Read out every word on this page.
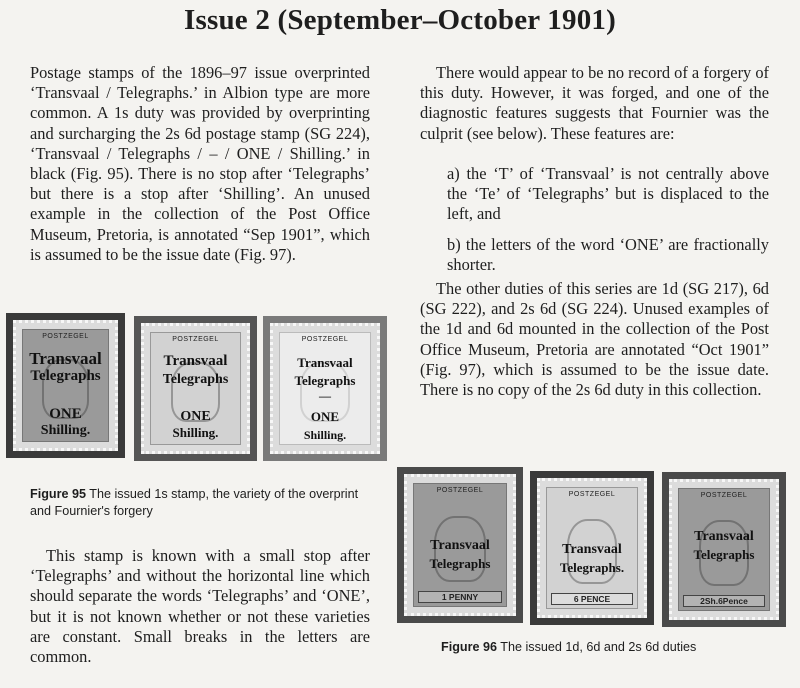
Issue 2 (September–October 1901)

Postage stamps of the 1896–97 issue overprinted ‘Transvaal / Telegraphs.’ in Albion type are more common. A 1s duty was provided by overprinting and surcharging the 2s 6d postage stamp (SG 224), ‘Transvaal / Telegraphs / – / ONE / Shilling.’ in black (Fig. 95). There is no stop after ‘Telegraphs’ but there is a stop after ‘Shilling’. An unused example in the collection of the Post Office Museum, Pretoria, is annotated “Sep 1901”, which is assumed to be the issue date (Fig. 97).

POSTZEGEL
Transvaal
Telegraphs
ONE
Shilling.
POSTZEGEL
Transvaal
Telegraphs
ONE
Shilling.
POSTZEGEL
Transvaal
Telegraphs
—
ONE
Shilling.
Figure 95 The issued 1s stamp, the variety of the overprint and Fournier's forgery

This stamp is known with a small stop after ‘Telegraphs’ and without the horizontal line which should separate the words ‘Telegraphs’ and ‘ONE’, but it is not known whether or not these varieties are constant. Small breaks in the letters are common.

There would appear to be no record of a forgery of this duty. However, it was forged, and one of the diagnostic features suggests that Fournier was the culprit (see below). These features are:

a) the ‘T’ of ‘Transvaal’ is not centrally above the ‘Te’ of ‘Telegraphs’ but is displaced to the left, and

b) the letters of the word ‘ONE’ are fractionally shorter.

The other duties of this series are 1d (SG 217), 6d (SG 222), and 2s 6d (SG 224). Unused examples of the 1d and 6d mounted in the collection of the Post Office Museum, Pretoria are annotated “Oct 1901” (Fig. 97), which is assumed to be the issue date. There is no copy of the 2s 6d duty in this collection.

POSTZEGEL
Transvaal
Telegraphs
1 PENNY
POSTZEGEL
Transvaal
Telegraphs.
6 PENCE
POSTZEGEL
Transvaal
Telegraphs
2Sh.6Pence
Figure 96 The issued 1d, 6d and 2s 6d duties
